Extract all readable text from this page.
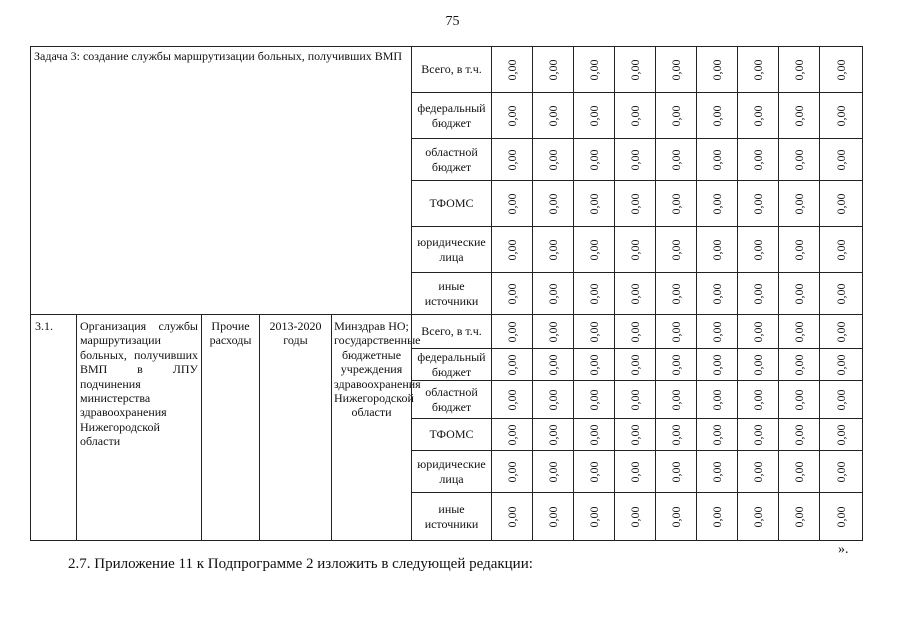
75
Задача 3: создание службы маршрутизации больных, получивших ВМП					Всего, в т.ч.	0,00	0,00	0,00	0,00	0,00	0,00	0,00	0,00	0,00

					федеральный бюджет	0,00	0,00	0,00	0,00	0,00	0,00	0,00	0,00	0,00

					областной бюджет	0,00	0,00	0,00	0,00	0,00	0,00	0,00	0,00	0,00

					ТФОМС	0,00	0,00	0,00	0,00	0,00	0,00	0,00	0,00	0,00

					юридические лица	0,00	0,00	0,00	0,00	0,00	0,00	0,00	0,00	0,00

					иные источники	0,00	0,00	0,00	0,00	0,00	0,00	0,00	0,00	0,00

3.1.	Организация службы маршрутизации больных, получивших ВМП в ЛПУ подчинения министерства здравоохранения Нижегородской области	Прочие расходы	2013-2020 годы	Минздрав НО; государственные бюджетные учреждения здравоохранения Нижегородской области	Всего, в т.ч.	0,00	0,00	0,00	0,00	0,00	0,00	0,00	0,00	0,00

					федеральный бюджет	0,00	0,00	0,00	0,00	0,00	0,00	0,00	0,00	0,00

					областной бюджет	0,00	0,00	0,00	0,00	0,00	0,00	0,00	0,00	0,00

					ТФОМС	0,00	0,00	0,00	0,00	0,00	0,00	0,00	0,00	0,00

					юридические лица	0,00	0,00	0,00	0,00	0,00	0,00	0,00	0,00	0,00

					иные источники	0,00	0,00	0,00	0,00	0,00	0,00	0,00	0,00	0,00
».
2.7. Приложение 11 к Подпрограмме 2 изложить в следующей редакции:
